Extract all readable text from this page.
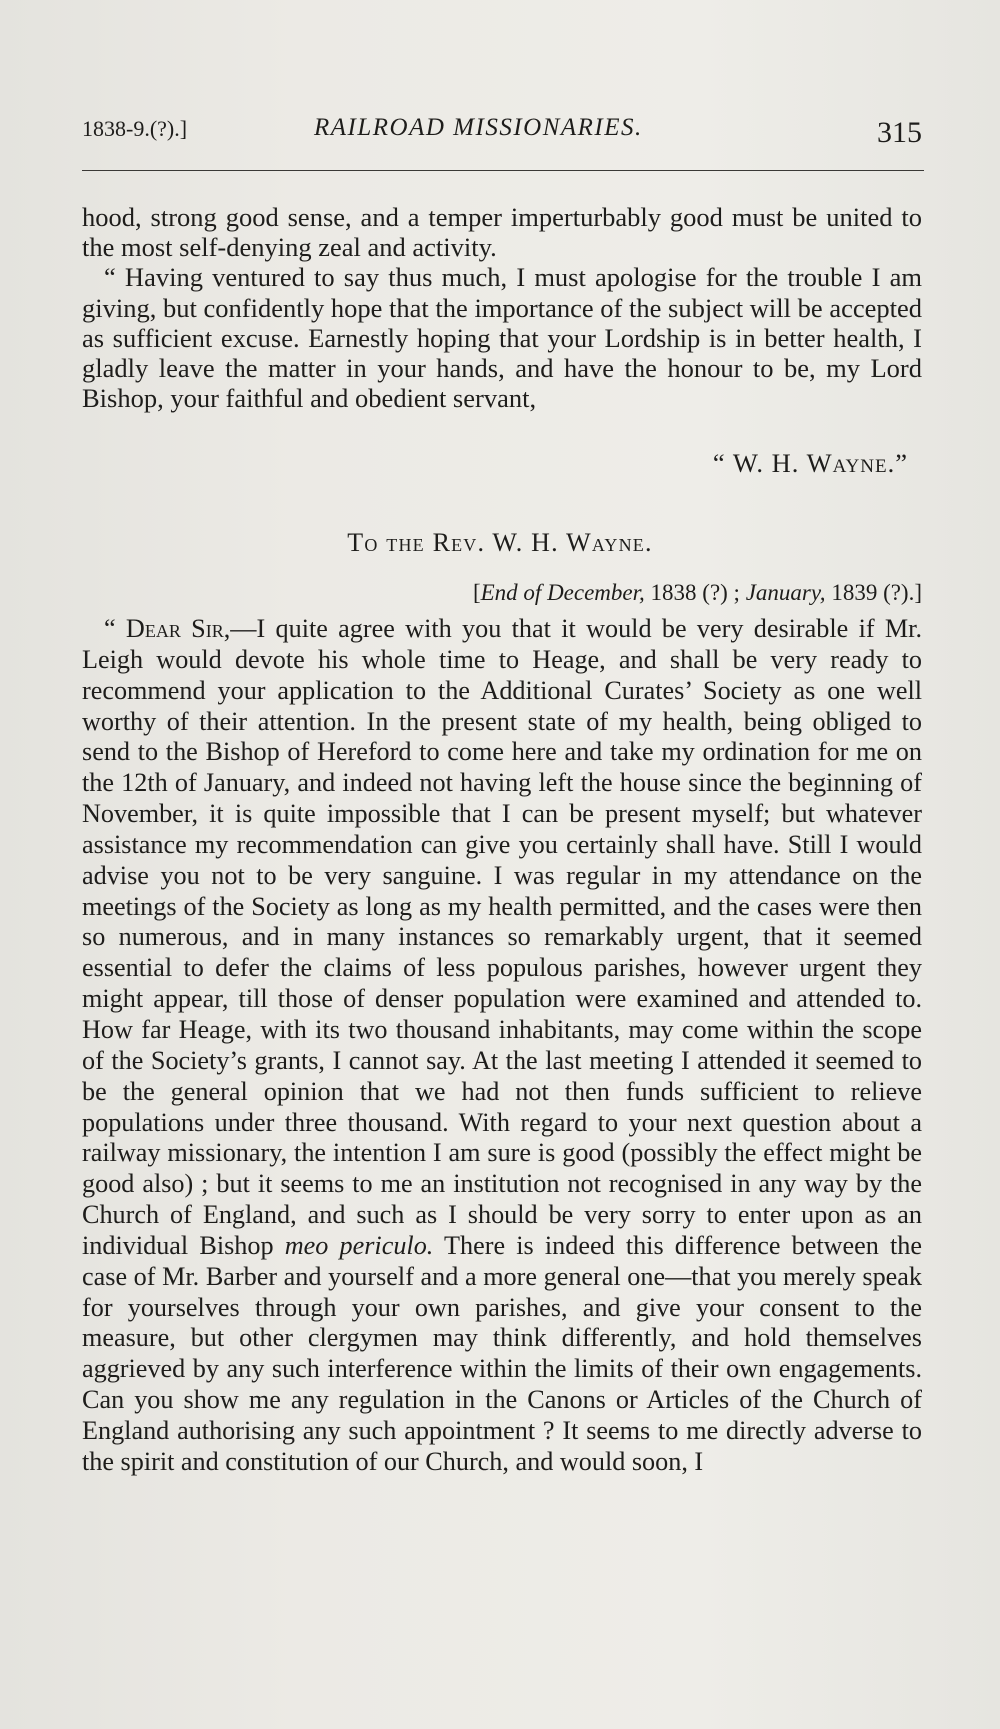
1838-9.(?).]	RAILROAD MISSIONARIES.	315

hood, strong good sense, and a temper imperturbably good must be united to the most self-denying zeal and activity.

“ Having ventured to say thus much, I must apologise for the trouble I am giving, but confidently hope that the importance of the subject will be accepted as sufficient excuse. Earnestly hoping that your Lordship is in better health, I gladly leave the matter in your hands, and have the honour to be, my Lord Bishop, your faithful and obedient servant,

“ W. H. Wayne.”
To the Rev. W. H. Wayne.
[End of December, 1838 (?) ; January, 1839 (?).]

“ Dear Sir,—I quite agree with you that it would be very desirable if Mr. Leigh would devote his whole time to Heage, and shall be very ready to recommend your application to the Additional Curates’ Society as one well worthy of their attention. In the present state of my health, being obliged to send to the Bishop of Hereford to come here and take my ordination for me on the 12th of January, and indeed not having left the house since the beginning of November, it is quite impossible that I can be present myself; but whatever assistance my recommendation can give you certainly shall have. Still I would advise you not to be very sanguine. I was regular in my attendance on the meetings of the Society as long as my health permitted, and the cases were then so numerous, and in many instances so remarkably urgent, that it seemed essential to defer the claims of less populous parishes, however urgent they might appear, till those of denser population were examined and attended to. How far Heage, with its two thousand inhabitants, may come within the scope of the Society’s grants, I cannot say. At the last meeting I attended it seemed to be the general opinion that we had not then funds sufficient to relieve populations under three thousand. With regard to your next question about a railway missionary, the intention I am sure is good (possibly the effect might be good also) ; but it seems to me an institution not recognised in any way by the Church of England, and such as I should be very sorry to enter upon as an individual Bishop meo periculo. There is indeed this difference between the case of Mr. Barber and yourself and a more general one—that you merely speak for yourselves through your own parishes, and give your consent to the measure, but other clergymen may think differently, and hold themselves aggrieved by any such interference within the limits of their own engagements. Can you show me any regulation in the Canons or Articles of the Church of England authorising any such appointment ? It seems to me directly adverse to the spirit and constitution of our Church, and would soon, I
